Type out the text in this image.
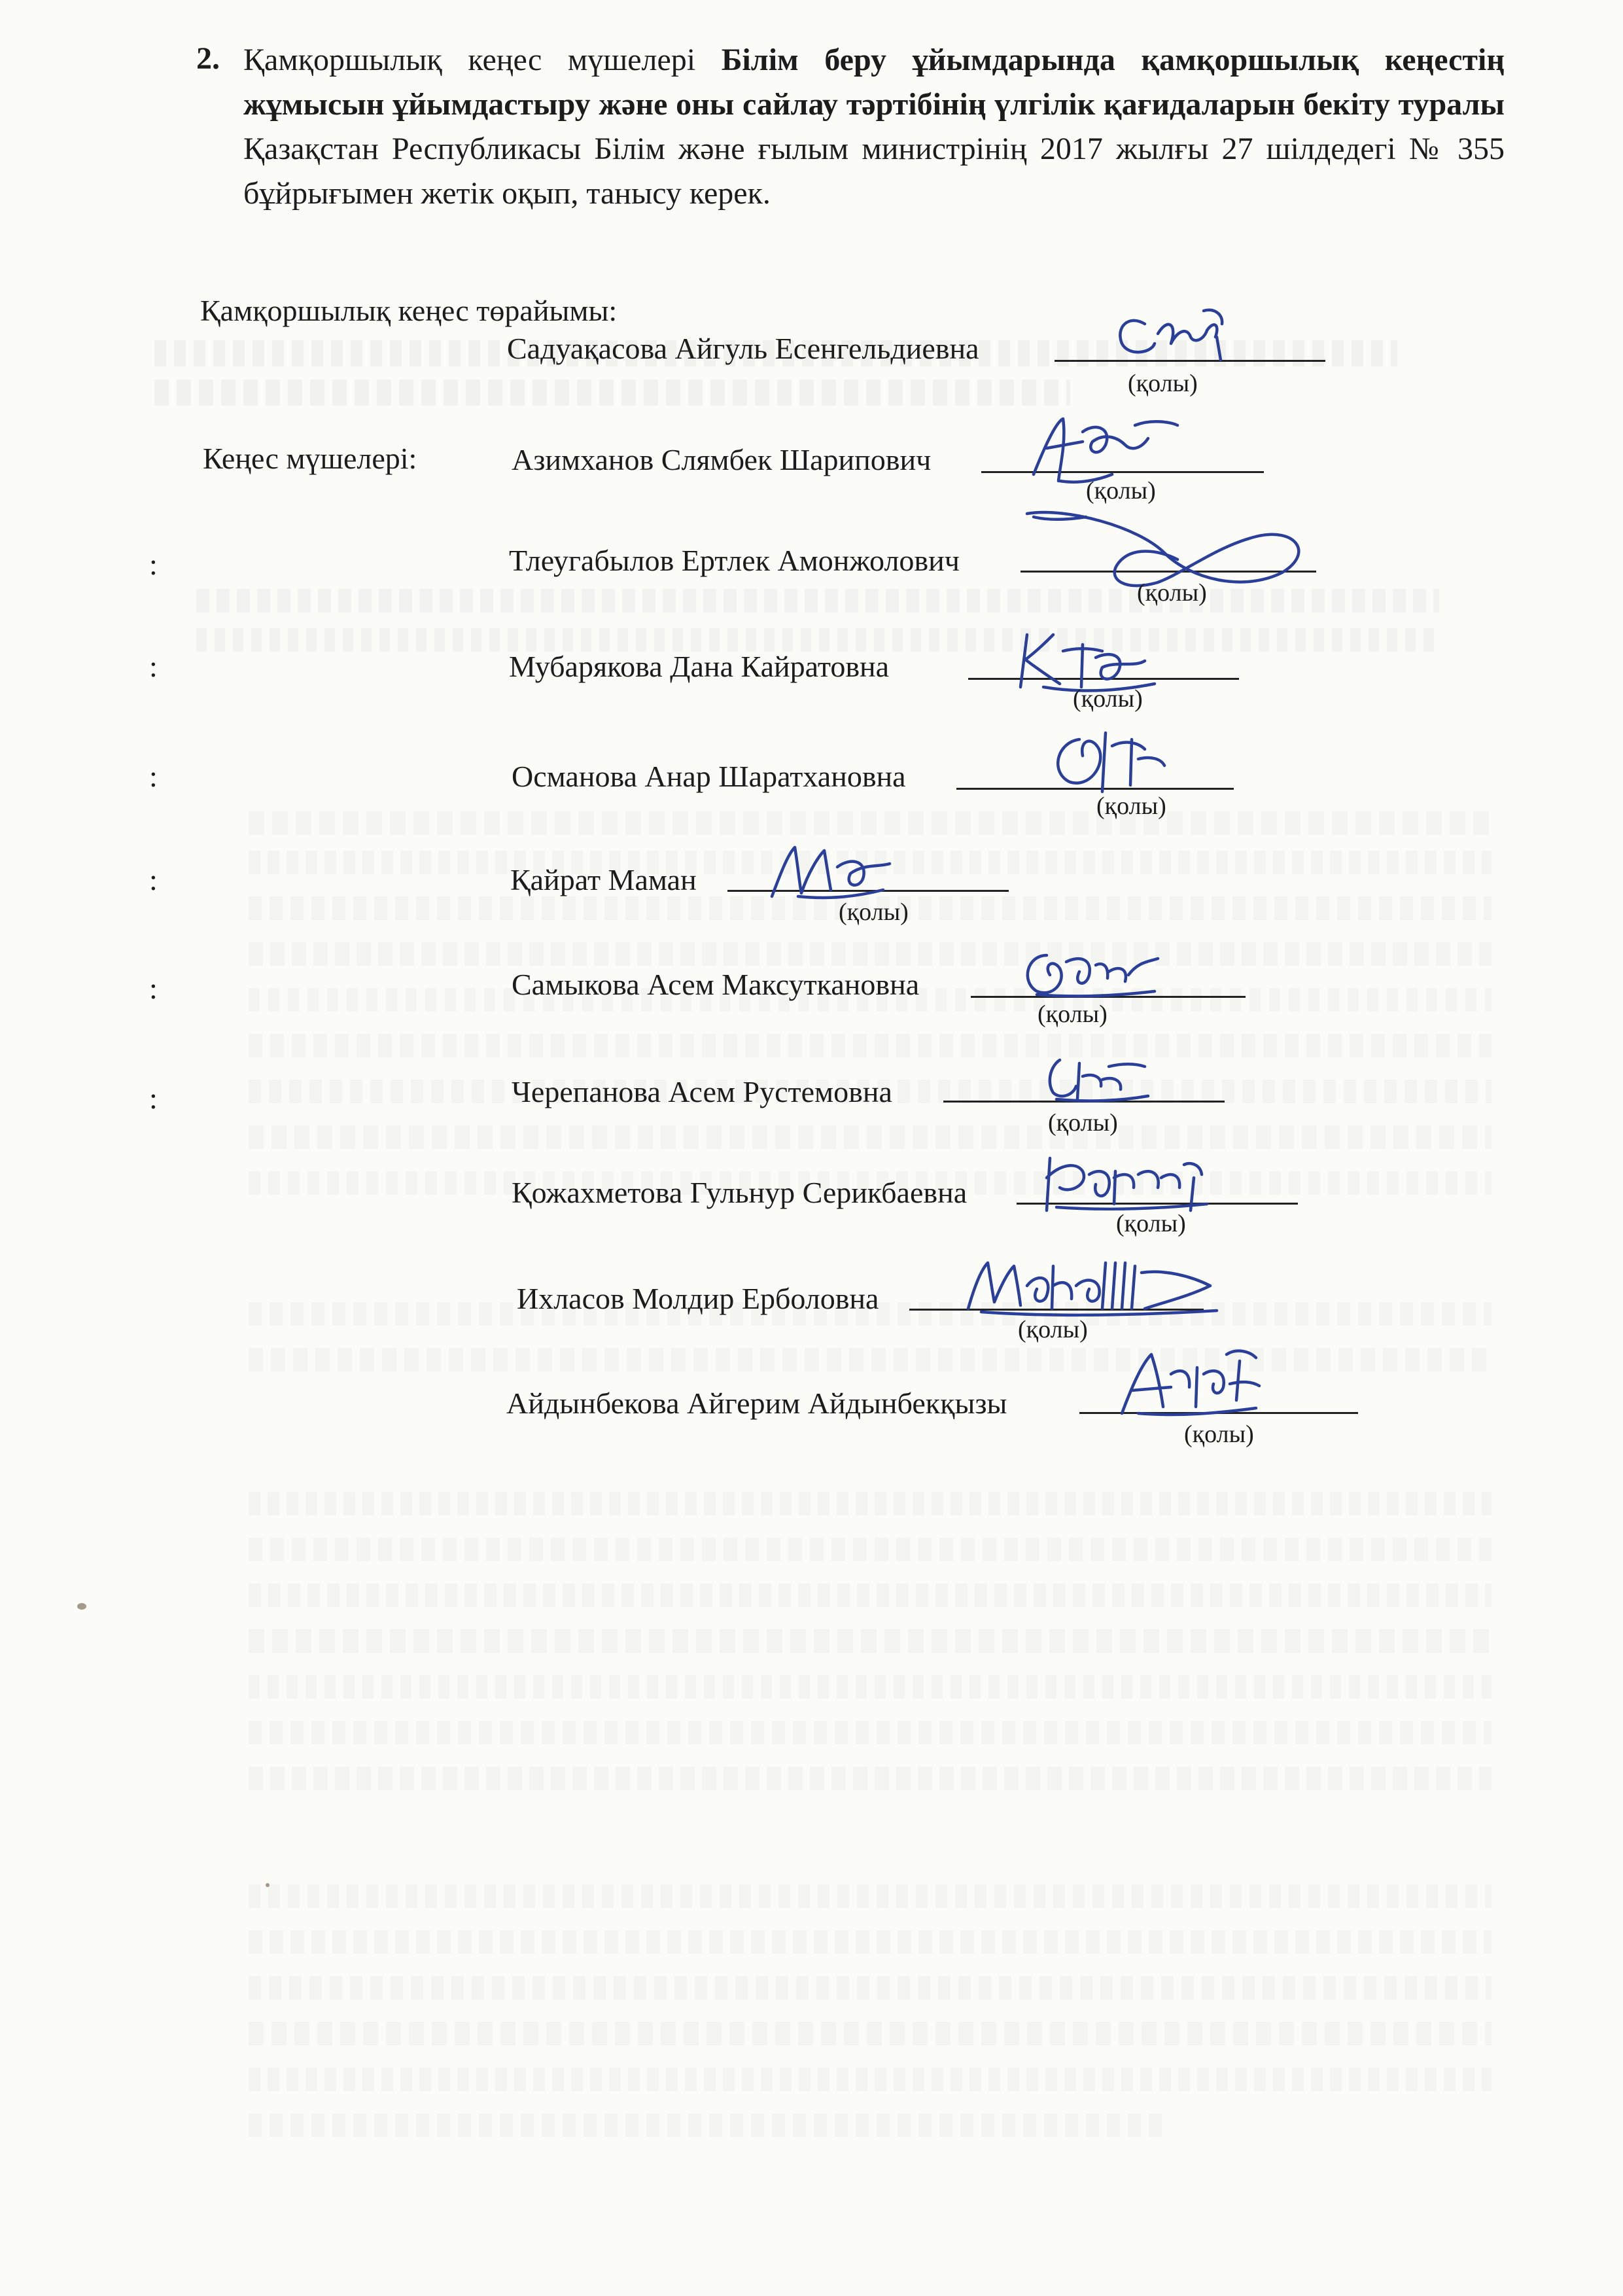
2. Қамқоршылық кеңес мүшелері Білім беру ұйымдарында қамқоршылық кеңестің жұмысын ұйымдастыру және оны сайлау тәртібінің үлгілік қағидаларын бекіту туралы Қазақстан Республикасы Білім және ғылым министрінің 2017 жылғы 27 шілдедегі № 355 бұйрығымен жетік оқып, танысу керек.

Қамқоршылық кеңес төрайымы:
Кеңес мүшелері:
:
:
:
:
:
:
Садуақасова Айгуль Есенгельдиевна
(қолы)
Азимханов Слямбек Шарипович
(қолы)
Тлеугабылов Ертлек Амонжолович
(қолы)
Мубарякова Дана Кайратовна
(қолы)
Османова Анар Шаратхановна
(қолы)
Қайрат Маман
(қолы)
Самыкова Асем Максуткановна
(қолы)
Черепанова Асем Рустемовна
(қолы)
Қожахметова Гульнур Серикбаевна
(қолы)
Ихласов Молдир Ерболовна
(қолы)
Айдынбекова Айгерим Айдынбекқызы
(қолы)
